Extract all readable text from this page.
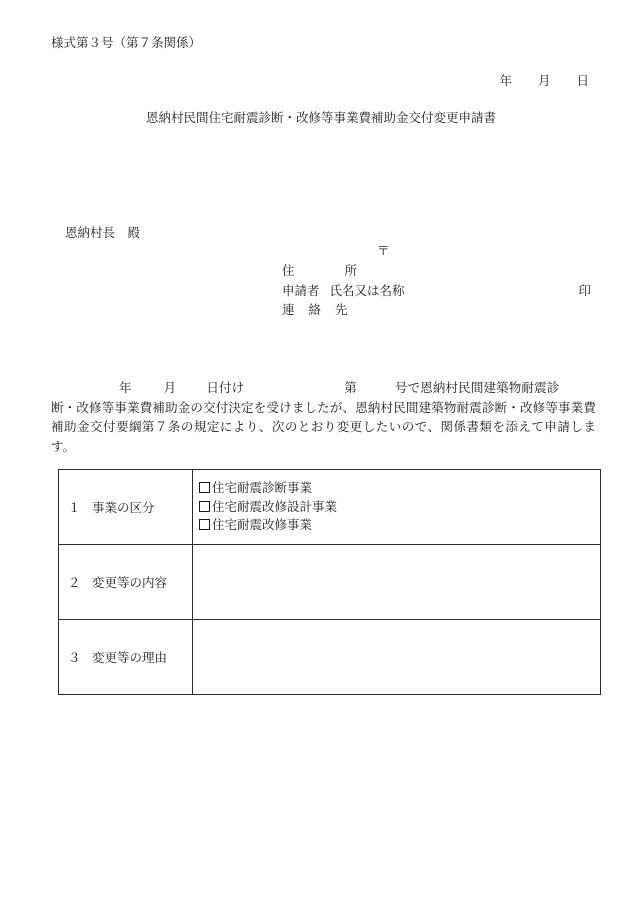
様式第３号（第７条関係）
年 月 日
恩納村民間住宅耐震診断・改修等事業費補助金交付変更申請書
恩納村長　殿
〒
住	所
申請者 氏名又は名称	印
連 絡 先
年	月 日付け	第	号で恩納村民間建築物耐震診
断・改修等事業費補助金の交付決定を受けましたが、恩納村民間建築物耐震診断・改修等事業費補助金交付要綱第７条の規定により、次のとおり変更したいので、関係書類を添えて申請します。
１ 事業の区分	住宅耐震診断事業
住宅耐震改修設計事業
住宅耐震改修事業

２ 変更等の内容	
３ 変更等の理由	
